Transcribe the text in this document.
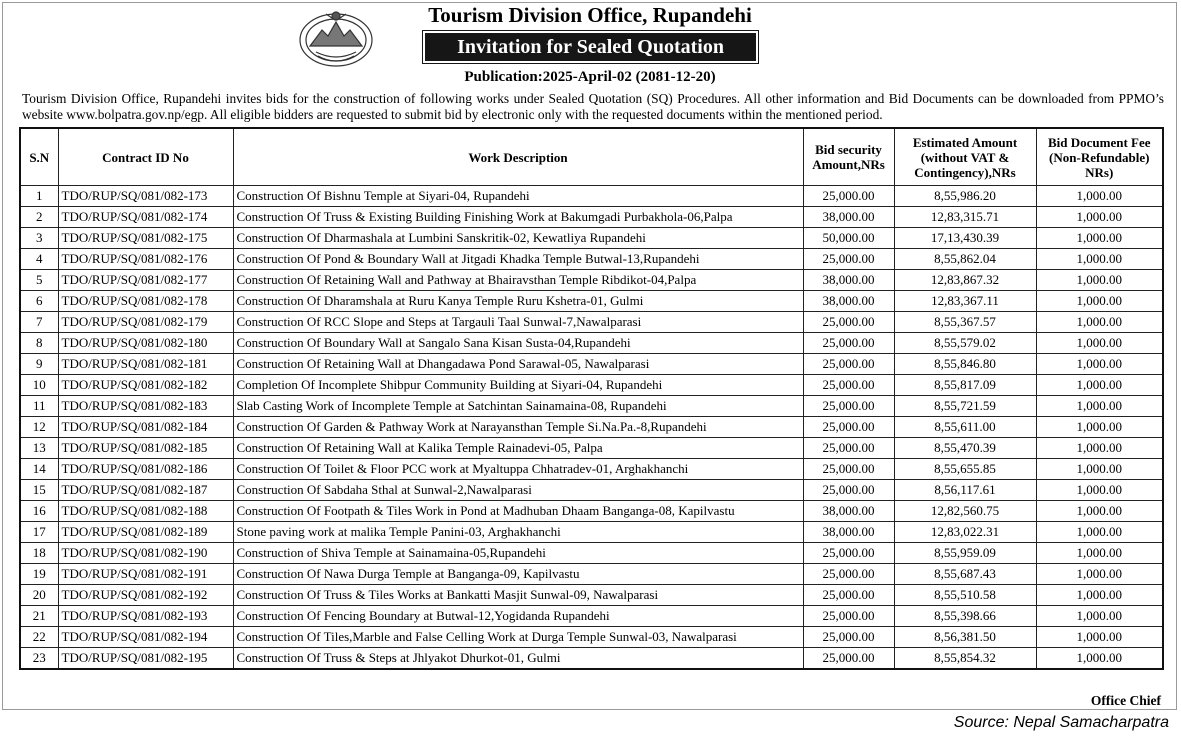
Tourism Division Office, Rupandehi
Invitation for Sealed Quotation
Publication:2025-April-02 (2081-12-20)
Tourism Division Office, Rupandehi invites bids for the construction of following works under Sealed Quotation (SQ) Procedures. All other information and Bid Documents can be downloaded from PPMO’s website www.bolpatra.gov.np/egp. All eligible bidders are requested to submit bid by electronic only with the requested documents within the mentioned period.
S.N	Contract ID No	Work Description	Bid security Amount,NRs	Estimated Amount (without VAT & Contingency),NRs	Bid Document Fee (Non-Refundable) NRs)
1	TDO/RUP/SQ/081/082-173	Construction Of Bishnu Temple at Siyari-04, Rupandehi	25,000.00	8,55,986.20	1,000.00
2	TDO/RUP/SQ/081/082-174	Construction Of Truss & Existing Building Finishing Work at Bakumgadi Purbakhola-06,Palpa	38,000.00	12,83,315.71	1,000.00
3	TDO/RUP/SQ/081/082-175	Construction Of Dharmashala at Lumbini Sanskritik-02, Kewatliya Rupandehi	50,000.00	17,13,430.39	1,000.00
4	TDO/RUP/SQ/081/082-176	Construction Of Pond & Boundary Wall at Jitgadi Khadka Temple Butwal-13,Rupandehi	25,000.00	8,55,862.04	1,000.00
5	TDO/RUP/SQ/081/082-177	Construction Of Retaining Wall and Pathway at Bhairavsthan Temple Ribdikot-04,Palpa	38,000.00	12,83,867.32	1,000.00
6	TDO/RUP/SQ/081/082-178	Construction Of Dharamshala at Ruru Kanya Temple Ruru Kshetra-01, Gulmi	38,000.00	12,83,367.11	1,000.00
7	TDO/RUP/SQ/081/082-179	Construction Of RCC Slope and Steps at Targauli Taal Sunwal-7,Nawalparasi	25,000.00	8,55,367.57	1,000.00
8	TDO/RUP/SQ/081/082-180	Construction Of Boundary Wall at Sangalo Sana Kisan Susta-04,Rupandehi	25,000.00	8,55,579.02	1,000.00
9	TDO/RUP/SQ/081/082-181	Construction Of Retaining Wall at Dhangadawa Pond Sarawal-05, Nawalparasi	25,000.00	8,55,846.80	1,000.00
10	TDO/RUP/SQ/081/082-182	Completion Of Incomplete Shibpur Community Building at Siyari-04, Rupandehi	25,000.00	8,55,817.09	1,000.00
11	TDO/RUP/SQ/081/082-183	Slab Casting Work of Incomplete Temple at Satchintan Sainamaina-08, Rupandehi	25,000.00	8,55,721.59	1,000.00
12	TDO/RUP/SQ/081/082-184	Construction Of Garden & Pathway Work at Narayansthan Temple Si.Na.Pa.-8,Rupandehi	25,000.00	8,55,611.00	1,000.00
13	TDO/RUP/SQ/081/082-185	Construction Of Retaining Wall at Kalika Temple Rainadevi-05, Palpa	25,000.00	8,55,470.39	1,000.00
14	TDO/RUP/SQ/081/082-186	Construction Of Toilet & Floor PCC work at Myaltuppa Chhatradev-01, Arghakhanchi	25,000.00	8,55,655.85	1,000.00
15	TDO/RUP/SQ/081/082-187	Construction Of Sabdaha Sthal at Sunwal-2,Nawalparasi	25,000.00	8,56,117.61	1,000.00
16	TDO/RUP/SQ/081/082-188	Construction Of Footpath & Tiles Work in Pond at Madhuban Dhaam Banganga-08, Kapilvastu	38,000.00	12,82,560.75	1,000.00
17	TDO/RUP/SQ/081/082-189	Stone paving work at malika Temple Panini-03, Arghakhanchi	38,000.00	12,83,022.31	1,000.00
18	TDO/RUP/SQ/081/082-190	Construction of Shiva Temple at Sainamaina-05,Rupandehi	25,000.00	8,55,959.09	1,000.00
19	TDO/RUP/SQ/081/082-191	Construction Of Nawa Durga Temple at Banganga-09, Kapilvastu	25,000.00	8,55,687.43	1,000.00
20	TDO/RUP/SQ/081/082-192	Construction Of Truss & Tiles Works at Bankatti Masjit Sunwal-09, Nawalparasi	25,000.00	8,55,510.58	1,000.00
21	TDO/RUP/SQ/081/082-193	Construction Of Fencing Boundary at Butwal-12,Yogidanda Rupandehi	25,000.00	8,55,398.66	1,000.00
22	TDO/RUP/SQ/081/082-194	Construction Of Tiles,Marble and False Celling Work at Durga Temple Sunwal-03, Nawalparasi	25,000.00	8,56,381.50	1,000.00
23	TDO/RUP/SQ/081/082-195	Construction Of Truss & Steps at Jhlyakot Dhurkot-01, Gulmi	25,000.00	8,55,854.32	1,000.00
Office Chief
Source: Nepal Samacharpatra
